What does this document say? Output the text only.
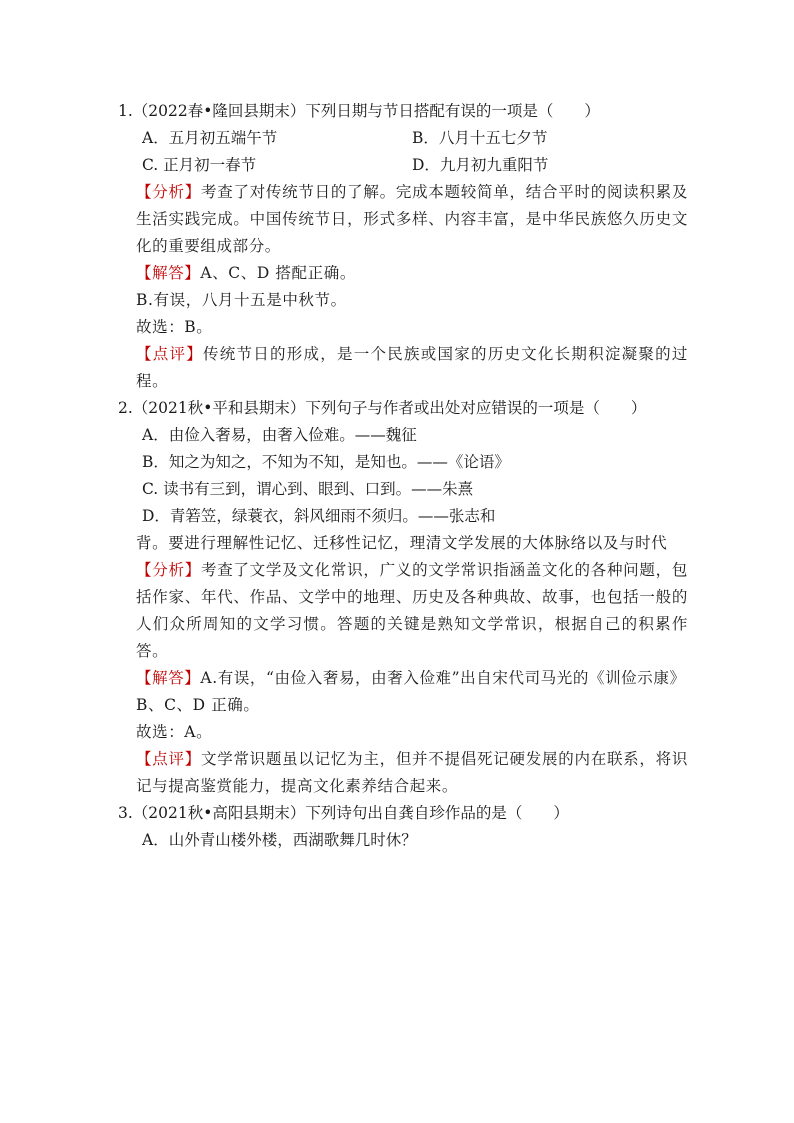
1.（2022春•隆回县期末）下列日期与节日搭配有误的一项是（　　）

A．五月初五端午节	B．八月十五七夕节
C. 正月初一春节	D．九月初九重阳节
【分析】考查了对传统节日的了解。完成本题较简单，结合平时的阅读积累及生活实践完成。中国传统节日，形式多样、内容丰富，是中华民族悠久历史文化的重要组成部分。
【解答】A、C、D 搭配正确。
B.有误，八月十五是中秋节。
故选：B。
【点评】传统节日的形成，是一个民族或国家的历史文化长期积淀凝聚的过程。

2.（2021秋•平和县期末）下列句子与作者或出处对应错误的一项是（　　）

A．由俭入奢易，由奢入俭难。——魏征
B．知之为知之，不知为不知，是知也。——《论语》
C. 读书有三到，谓心到、眼到、口到。——朱熹
D．青箬笠，绿蓑衣，斜风细雨不须归。——张志和
背。要进行理解性记忆、迁移性记忆，理清文学发展的大体脉络以及与时代
【分析】考查了文学及文化常识，广义的文学常识指涵盖文化的各种问题，包括作家、年代、作品、文学中的地理、历史及各种典故、故事，也包括一般的人们众所周知的文学习惯。答题的关键是熟知文学常识，根据自己的积累作答。
【解答】A.有误，“由俭入奢易，由奢入俭难”出自宋代司马光的《训俭示康》
B、C、D 正确。
故选：A。
【点评】文学常识题虽以记忆为主，但并不提倡死记硬发展的内在联系，将识记与提高鉴赏能力，提高文化素养结合起来。

3.（2021秋•高阳县期末）下列诗句出自龚自珍作品的是（　　）

A．山外青山楼外楼，西湖歌舞几时休？
